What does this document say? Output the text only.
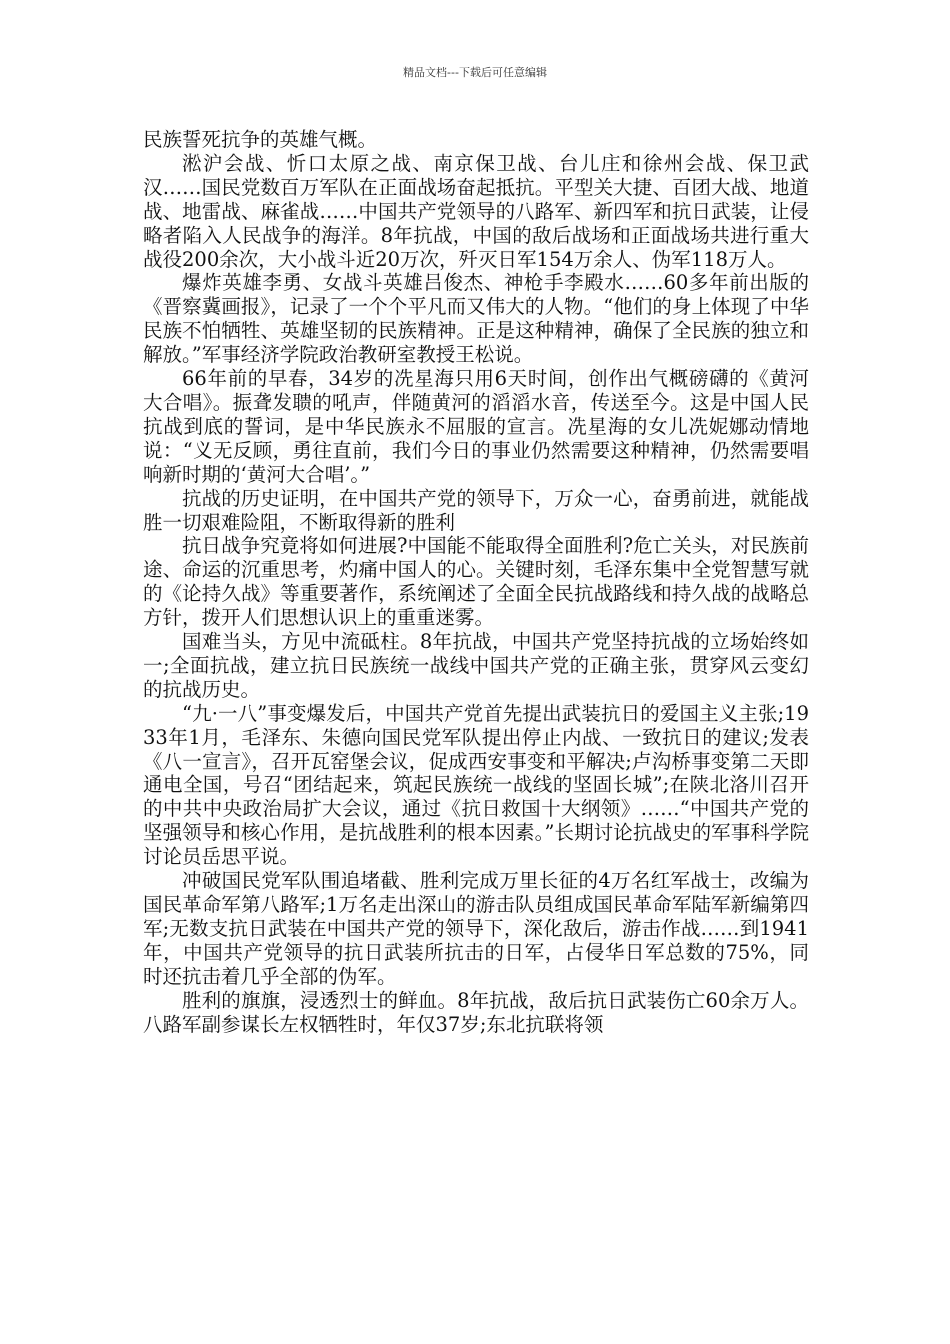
精品文档---下载后可任意编辑

民族誓死抗争的英雄气概。

淞沪会战、忻口太原之战、南京保卫战、台儿庄和徐州会战、保卫武汉……国民党数百万军队在正面战场奋起抵抗。平型关大捷、百团大战、地道战、地雷战、麻雀战……中国共产党领导的八路军、新四军和抗日武装，让侵略者陷入人民战争的海洋。8年抗战，中国的敌后战场和正面战场共进行重大战役200余次，大小战斗近20万次，歼灭日军154万余人、伪军118万人。

爆炸英雄李勇、女战斗英雄吕俊杰、神枪手李殿水……60多年前出版的《晋察冀画报》，记录了一个个平凡而又伟大的人物。“他们的身上体现了中华民族不怕牺牲、英雄坚韧的民族精神。正是这种精神，确保了全民族的独立和解放。”军事经济学院政治教研室教授王松说。

66年前的早春，34岁的冼星海只用6天时间，创作出气概磅礴的《黄河大合唱》。振聋发聩的吼声，伴随黄河的滔滔水音，传送至今。这是中国人民抗战到底的誓词，是中华民族永不屈服的宣言。冼星海的女儿冼妮娜动情地说：“义无反顾，勇往直前，我们今日的事业仍然需要这种精神，仍然需要唱响新时期的‘黄河大合唱’。”

抗战的历史证明，在中国共产党的领导下，万众一心，奋勇前进，就能战胜一切艰难险阻，不断取得新的胜利

抗日战争究竟将如何进展?中国能不能取得全面胜利?危亡关头，对民族前途、命运的沉重思考，灼痛中国人的心。关键时刻，毛泽东集中全党智慧写就的《论持久战》等重要著作，系统阐述了全面全民抗战路线和持久战的战略总方针，拨开人们思想认识上的重重迷雾。

国难当头，方见中流砥柱。8年抗战，中国共产党坚持抗战的立场始终如一;全面抗战，建立抗日民族统一战线中国共产党的正确主张，贯穿风云变幻的抗战历史。

“九·一八”事变爆发后，中国共产党首先提出武装抗日的爱国主义主张;1933年1月，毛泽东、朱德向国民党军队提出停止内战、一致抗日的建议;发表《八一宣言》，召开瓦窑堡会议，促成西安事变和平解决;卢沟桥事变第二天即通电全国，号召“团结起来，筑起民族统一战线的坚固长城”;在陕北洛川召开的中共中央政治局扩大会议，通过《抗日救国十大纲领》……“中国共产党的坚强领导和核心作用，是抗战胜利的根本因素。”长期讨论抗战史的军事科学院讨论员岳思平说。

冲破国民党军队围追堵截、胜利完成万里长征的4万名红军战士，改编为国民革命军第八路军;1万名走出深山的游击队员组成国民革命军陆军新编第四军;无数支抗日武装在中国共产党的领导下，深化敌后，游击作战……到1941年，中国共产党领导的抗日武装所抗击的日军，占侵华日军总数的75%，同时还抗击着几乎全部的伪军。

胜利的旗旗，浸透烈士的鲜血。8年抗战，敌后抗日武装伤亡60余万人。八路军副参谋长左权牺牲时，年仅37岁;东北抗联将领
